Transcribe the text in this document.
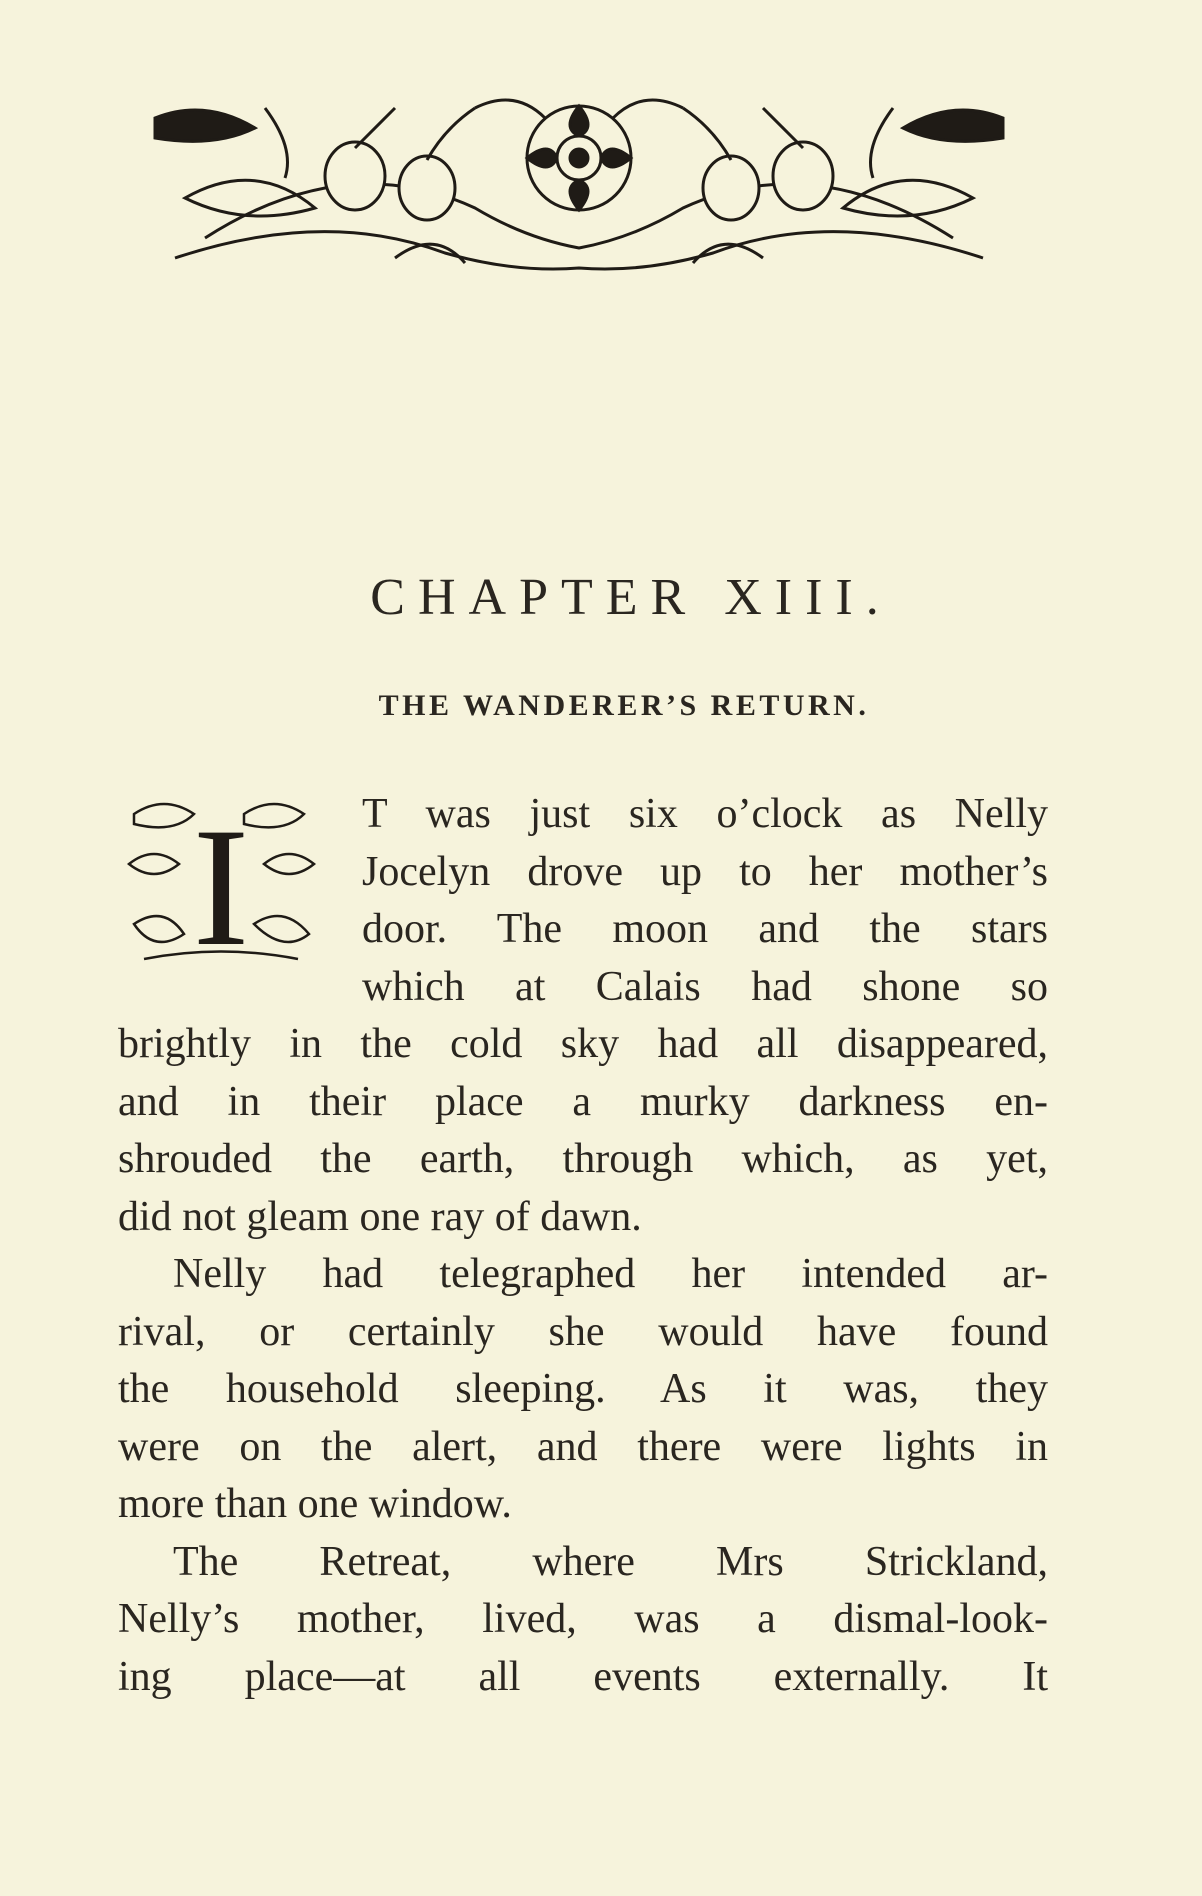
CHAPTER XIII.
THE WANDERER’S RETURN.
I	T was just six o’clock as Nelly
Jocelyn drove up to her mother’s
door. The moon and the stars
which at Calais had shone so
brightly in the cold sky had all disappeared,
and in their place a murky darkness en-
shrouded the earth, through which, as yet,
did not gleam one ray of dawn.
Nelly had telegraphed her intended ar-
rival, or certainly she would have found
the household sleeping. As it was, they
were on the alert, and there were lights in
more than one window.
The Retreat, where Mrs Strickland,
Nelly’s mother, lived, was a dismal-look-
ing place—at all events externally. It
